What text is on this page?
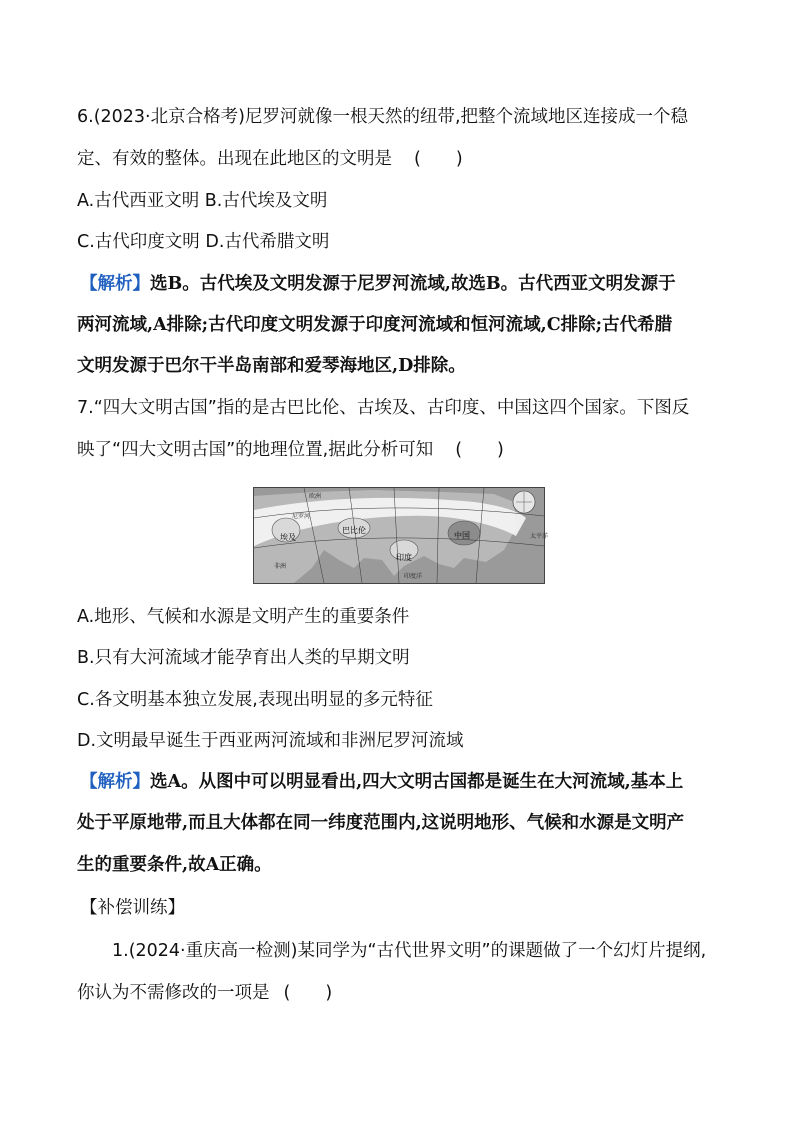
6.(2023·北京合格考)尼罗河就像一根天然的纽带,把整个流域地区连接成一个稳
定、有效的整体。出现在此地区的文明是 (　　)
A.古代西亚文明 B.古代埃及文明
C.古代印度文明 D.古代希腊文明
【解析】选B。古代埃及文明发源于尼罗河流域,故选B。古代西亚文明发源于
两河流域,A排除;古代印度文明发源于印度河流域和恒河流域,C排除;古代希腊
文明发源于巴尔干半岛南部和爱琴海地区,D排除。
7.“四大文明古国”指的是古巴比伦、古埃及、古印度、中国这四个国家。下图反
映了“四大文明古国”的地理位置,据此分析可知 (　　)
埃及
巴比伦
印度
中国	太平洋
印度洋
欧洲
非洲
尼罗河
A.地形、气候和水源是文明产生的重要条件
B.只有大河流域才能孕育出人类的早期文明
C.各文明基本独立发展,表现出明显的多元特征
D.文明最早诞生于西亚两河流域和非洲尼罗河流域
【解析】选A。从图中可以明显看出,四大文明古国都是诞生在大河流域,基本上
处于平原地带,而且大体都在同一纬度范围内,这说明地形、气候和水源是文明产
生的重要条件,故A正确。
【补偿训练】
1.(2024·重庆高一检测)某同学为“古代世界文明”的课题做了一个幻灯片提纲,
你认为不需修改的一项是 (　　)
